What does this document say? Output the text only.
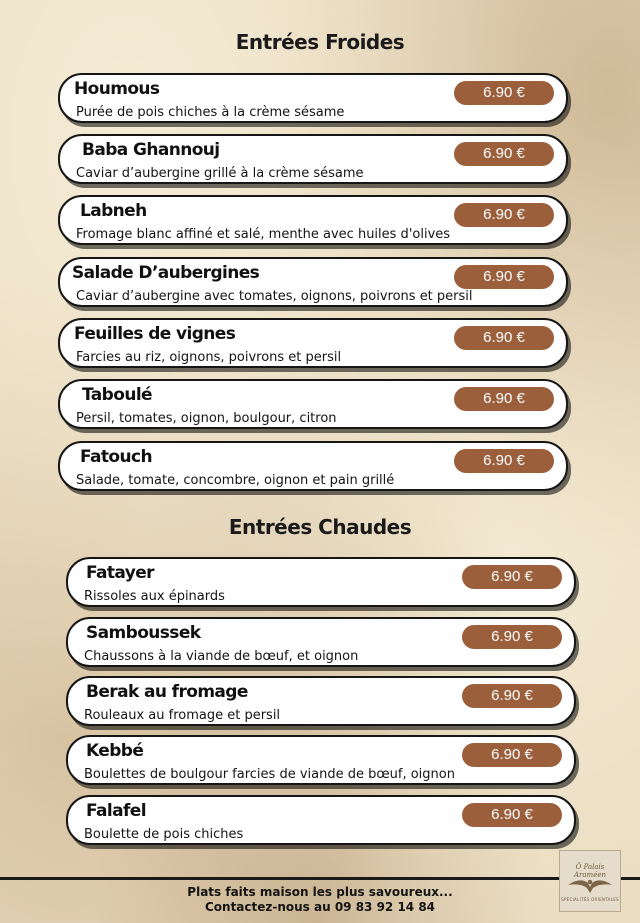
Entrées Froides
Houmous	6.90 €
Purée de pois chiches à la crème sésame
Baba Ghannouj	6.90 €
Caviar d’aubergine grillé à la crème sésame
Labneh	6.90 €
Fromage blanc affiné et salé, menthe avec huiles d'olives
Salade D’aubergines	6.90 €
Caviar d’aubergine avec tomates, oignons, poivrons et persil
Feuilles de vignes	6.90 €
Farcies au riz, oignons, poivrons et persil
Taboulé	6.90 €
Persil, tomates, oignon, boulgour, citron
Fatouch	6.90 €
Salade, tomate, concombre, oignon et pain grillé
Entrées Chaudes
Fatayer	6.90 €
Rissoles aux épinards
Samboussek	6.90 €
Chaussons à la viande de bœuf, et oignon
Berak au fromage	6.90 €
Rouleaux au fromage et persil
Kebbé	6.90 €
Boulettes de boulgour farcies de viande de bœuf, oignon
Falafel	6.90 €
Boulette de pois chiches
Plats faits maison les plus savoureux...
Contactez-nous au 09 83 92 14 84
Ô Palais Araméen
SPÉCIALITÉS ORIENTALES
